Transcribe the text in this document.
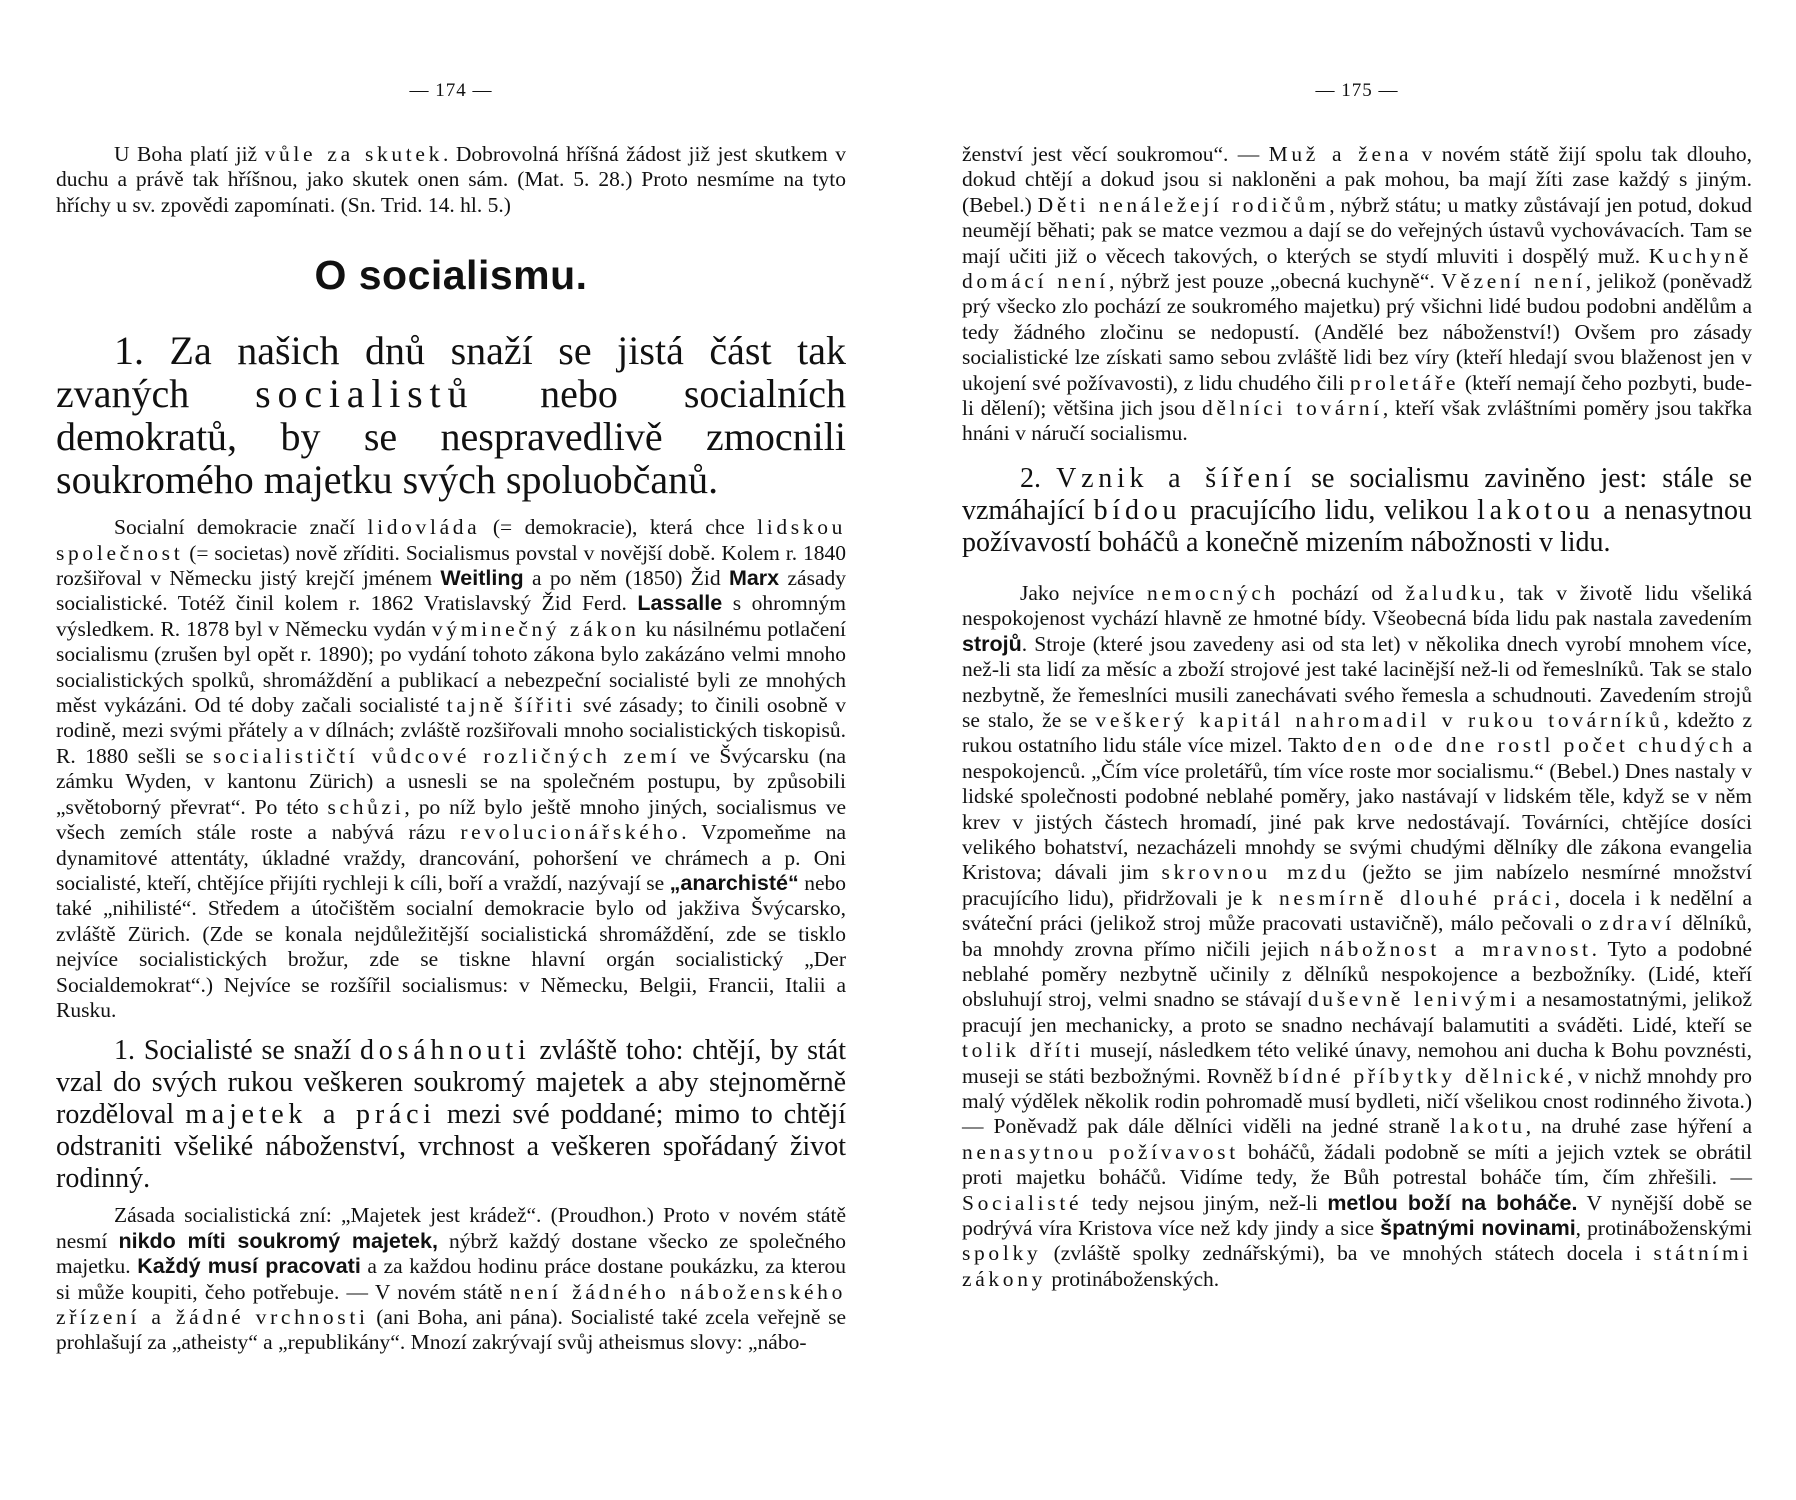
— 174 —

U Boha platí již vůle za skutek. Dobrovolná hříšná žádost již jest skutkem v duchu a právě tak hříšnou, jako skutek onen sám. (Mat. 5. 28.) Proto nesmíme na tyto hříchy u sv. zpovědi zapomínati. (Sn. Trid. 14. hl. 5.)

O socialismu.

1. Za našich dnů snaží se jistá část tak zvaných socialistů nebo socialních demokratů, by se nespravedlivě zmocnili soukromého majetku svých spoluobčanů.

Socialní demokracie značí lidovláda (= demokracie), která chce lidskou společnost (= societas) nově zříditi. Socialismus povstal v novější době. Kolem r. 1840 rozšiřoval v Německu jistý krejčí jménem Weitling a po něm (1850) Žid Marx zásady socialistické. Totéž činil kolem r. 1862 Vratislavský Žid Ferd. Lassalle s ohromným výsledkem. R. 1878 byl v Německu vydán výminečný zákon ku násilnému potlačení socialismu (zrušen byl opět r. 1890); po vydání tohoto zákona bylo zakázáno velmi mnoho socialistických spolků, shromáždění a publikací a nebezpeční socialisté byli ze mnohých měst vykázáni. Od té doby začali socialisté tajně šířiti své zásady; to činili osobně v rodině, mezi svými přátely a v dílnách; zvláště rozšiřovali mnoho socialistických tiskopisů. R. 1880 sešli se socialističtí vůdcové rozličných zemí ve Švýcarsku (na zámku Wyden, v kantonu Zürich) a usnesli se na společném postupu, by způsobili „světoborný převrat“. Po této schůzi, po níž bylo ještě mnoho jiných, socialismus ve všech zemích stále roste a nabývá rázu revolucionářského. Vzpomeňme na dynamitové attentáty, úkladné vraždy, drancování, pohoršení ve chrámech a p. Oni socialisté, kteří, chtějíce přijíti rychleji k cíli, boří a vraždí, nazývají se „anarchisté“ nebo také „nihilisté“. Středem a útočištěm socialní demokracie bylo od jakživa Švýcarsko, zvláště Zürich. (Zde se konala nejdůležitější socialistická shromáždění, zde se tisklo nejvíce socialistických brožur, zde se tiskne hlavní orgán socialistický „Der Socialdemokrat“.) Nejvíce se rozšířil socialismus: v Německu, Belgii, Francii, Italii a Rusku.

1. Socialisté se snaží dosáhnouti zvláště toho: chtějí, by stát vzal do svých rukou veškeren soukromý majetek a aby stejnoměrně rozděloval majetek a práci mezi své poddané; mimo to chtějí odstraniti všeliké náboženství, vrchnost a veškeren spořádaný život rodinný.

Zásada socialistická zní: „Majetek jest krádež“. (Proudhon.) Proto v novém státě nesmí nikdo míti soukromý majetek, nýbrž každý dostane všecko ze společného majetku. Každý musí pracovati a za každou hodinu práce dostane poukázku, za kterou si může koupiti, čeho potřebuje. — V novém státě není žádného náboženského zřízení a žádné vrchnosti (ani Boha, ani pána). Socialisté také zcela veřejně se prohlašují za „atheisty“ a „republikány“. Mnozí zakrývají svůj atheismus slovy: „nábo-

— 175 —

ženství jest věcí soukromou“. — Muž a žena v novém státě žijí spolu tak dlouho, dokud chtějí a dokud jsou si nakloněni a pak mohou, ba mají žíti zase každý s jiným. (Bebel.) Děti nenáležejí rodičům, nýbrž státu; u matky zůstávají jen potud, dokud neumějí běhati; pak se matce vezmou a dají se do veřejných ústavů vychovávacích. Tam se mají učiti již o věcech takových, o kterých se stydí mluviti i dospělý muž. Kuchyně domácí není, nýbrž jest pouze „obecná kuchyně“. Vězení není, jelikož (poněvadž prý všecko zlo pochází ze soukromého majetku) prý všichni lidé budou podobni andělům a tedy žádného zločinu se nedopustí. (Andělé bez náboženství!) Ovšem pro zásady socialistické lze získati samo sebou zvláště lidi bez víry (kteří hledají svou blaženost jen v ukojení své požívavosti), z lidu chudého čili proletáře (kteří nemají čeho pozbyti, bude-li dělení); většina jich jsou dělníci tovární, kteří však zvláštními poměry jsou takřka hnáni v náručí socialismu.

2. Vznik a šíření se socialismu zaviněno jest: stále se vzmáhající bídou pracujícího lidu, velikou lakotou a nenasytnou požívavostí boháčů a konečně mizením nábožnosti v lidu.

Jako nejvíce nemocných pochází od žaludku, tak v životě lidu všeliká nespokojenost vychází hlavně ze hmotné bídy. Všeobecná bída lidu pak nastala zavedením strojů. Stroje (které jsou zavedeny asi od sta let) v několika dnech vyrobí mnohem více, než-li sta lidí za měsíc a zboží strojové jest také lacinější než-li od řemeslníků. Tak se stalo nezbytně, že řemeslníci musili zanechávati svého řemesla a schudnouti. Zavedením strojů se stalo, že se veškerý kapitál nahromadil v rukou továrníků, kdežto z rukou ostatního lidu stále více mizel. Takto den ode dne rostl počet chudých a nespokojenců. „Čím více proletářů, tím více roste mor socialismu.“ (Bebel.) Dnes nastaly v lidské společnosti podobné neblahé poměry, jako nastávají v lidském těle, když se v něm krev v jistých částech hromadí, jiné pak krve nedostávají. Továrníci, chtějíce dosíci velikého bohatství, nezacházeli mnohdy se svými chudými dělníky dle zákona evangelia Kristova; dávali jim skrovnou mzdu (ježto se jim nabízelo nesmírné množství pracujícího lidu), přidržovali je k nesmírně dlouhé práci, docela i k nedělní a sváteční práci (jelikož stroj může pracovati ustavičně), málo pečovali o zdraví dělníků, ba mnohdy zrovna přímo ničili jejich nábožnost a mravnost. Tyto a podobné neblahé poměry nezbytně učinily z dělníků nespokojence a bezbožníky. (Lidé, kteří obsluhují stroj, velmi snadno se stávají duševně lenivými a nesamostatnými, jelikož pracují jen mechanicky, a proto se snadno nechávají balamutiti a sváděti. Lidé, kteří se tolik dříti musejí, následkem této veliké únavy, nemohou ani ducha k Bohu povznésti, museji se státi bezbožnými. Rovněž bídné příbytky dělnické, v nichž mnohdy pro malý výdělek několik rodin pohromadě musí bydleti, ničí všelikou cnost rodinného života.) — Poněvadž pak dále dělníci viděli na jedné straně lakotu, na druhé zase hýření a nenasytnou požívavost boháčů, žádali podobně se míti a jejich vztek se obrátil proti majetku boháčů. Vidíme tedy, že Bůh potrestal boháče tím, čím zhřešili. — Socialisté tedy nejsou jiným, než-li metlou boží na boháče. V nynější době se podrývá víra Kristova více než kdy jindy a sice špatnými novinami, protináboženskými spolky (zvláště spolky zednářskými), ba ve mnohých státech docela i státními zákony protináboženských.
